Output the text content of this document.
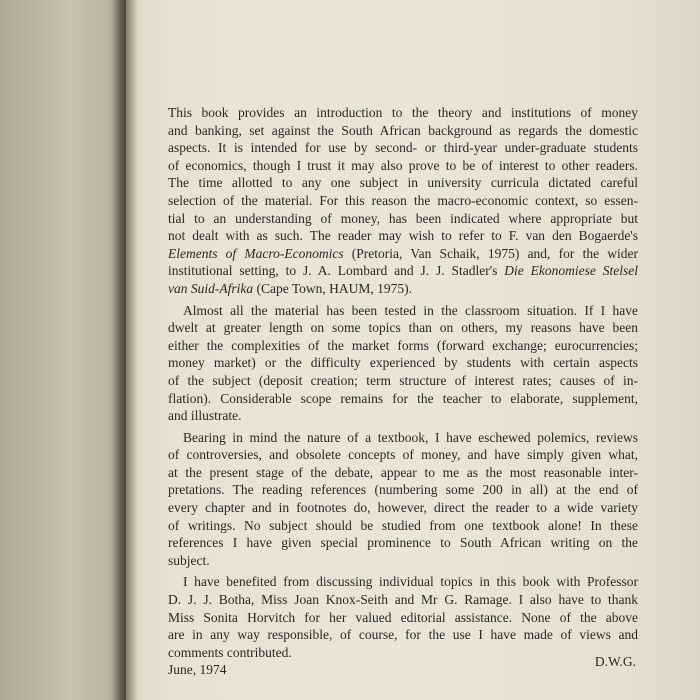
This book provides an introduction to the theory and institutions of money
and banking, set against the South African background as regards the domestic
aspects. It is intended for use by second- or third-year under-graduate students
of economics, though I trust it may also prove to be of interest to other readers.
The time allotted to any one subject in university curricula dictated careful
selection of the material. For this reason the macro-economic context, so essen-
tial to an understanding of money, has been indicated where appropriate but
not dealt with as such. The reader may wish to refer to F. van den Bogaerde's
Elements of Macro-Economics (Pretoria, Van Schaik, 1975) and, for the wider
institutional setting, to J. A. Lombard and J. J. Stadler's Die Ekonomiese Stelsel
van Suid-Afrika (Cape Town, HAUM, 1975).
Almost all the material has been tested in the classroom situation. If I have
dwelt at greater length on some topics than on others, my reasons have been
either the complexities of the market forms (forward exchange; eurocurrencies;
money market) or the difficulty experienced by students with certain aspects
of the subject (deposit creation; term structure of interest rates; causes of in-
flation). Considerable scope remains for the teacher to elaborate, supplement,
and illustrate.
Bearing in mind the nature of a textbook, I have eschewed polemics, reviews
of controversies, and obsolete concepts of money, and have simply given what,
at the present stage of the debate, appear to me as the most reasonable inter-
pretations. The reading references (numbering some 200 in all) at the end of
every chapter and in footnotes do, however, direct the reader to a wide variety
of writings. No subject should be studied from one textbook alone! In these
references I have given special prominence to South African writing on the
subject.
I have benefited from discussing individual topics in this book with Professor
D. J. J. Botha, Miss Joan Knox-Seith and Mr G. Ramage. I also have to thank
Miss Sonita Horvitch for her valued editorial assistance. None of the above
are in any way responsible, of course, for the use I have made of views and
comments contributed.
June, 1974
D.W.G.
